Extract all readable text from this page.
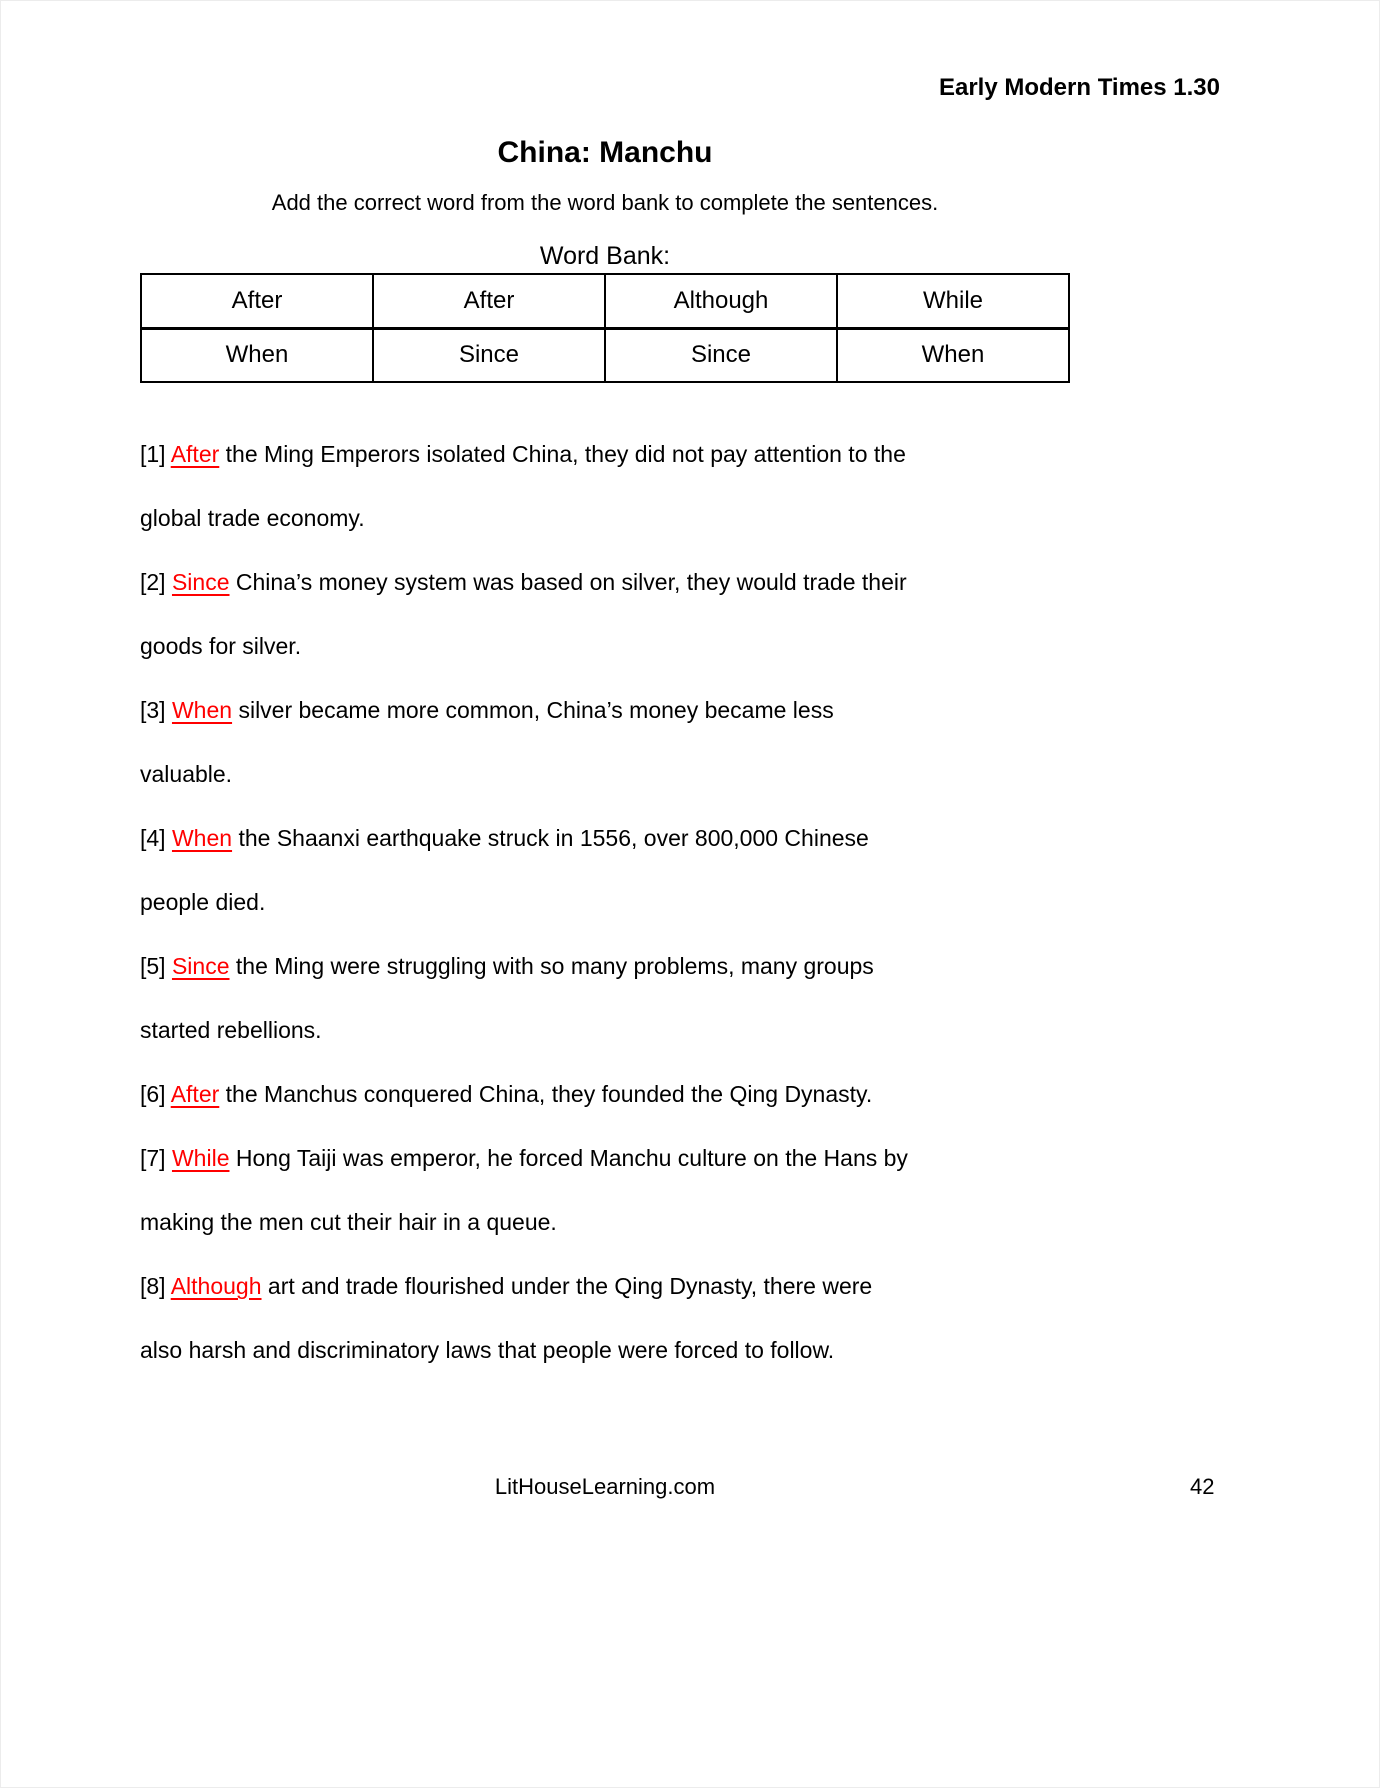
Early Modern Times 1.30
China: Manchu
Add the correct word from the word bank to complete the sentences.
Word Bank:
After	After	Although	While
When	Since	Since	When
[1] After the Ming Emperors isolated China, they did not pay attention to the
global trade economy.
[2] Since China’s money system was based on silver, they would trade their
goods for silver.
[3] When silver became more common, China’s money became less
valuable.
[4] When the Shaanxi earthquake struck in 1556, over 800,000 Chinese
people died.
[5] Since the Ming were struggling with so many problems, many groups
started rebellions.
[6] After the Manchus conquered China, they founded the Qing Dynasty.
[7] While Hong Taiji was emperor, he forced Manchu culture on the Hans by
making the men cut their hair in a queue.
[8] Although art and trade flourished under the Qing Dynasty, there were
also harsh and discriminatory laws that people were forced to follow.
LitHouseLearning.com	42
